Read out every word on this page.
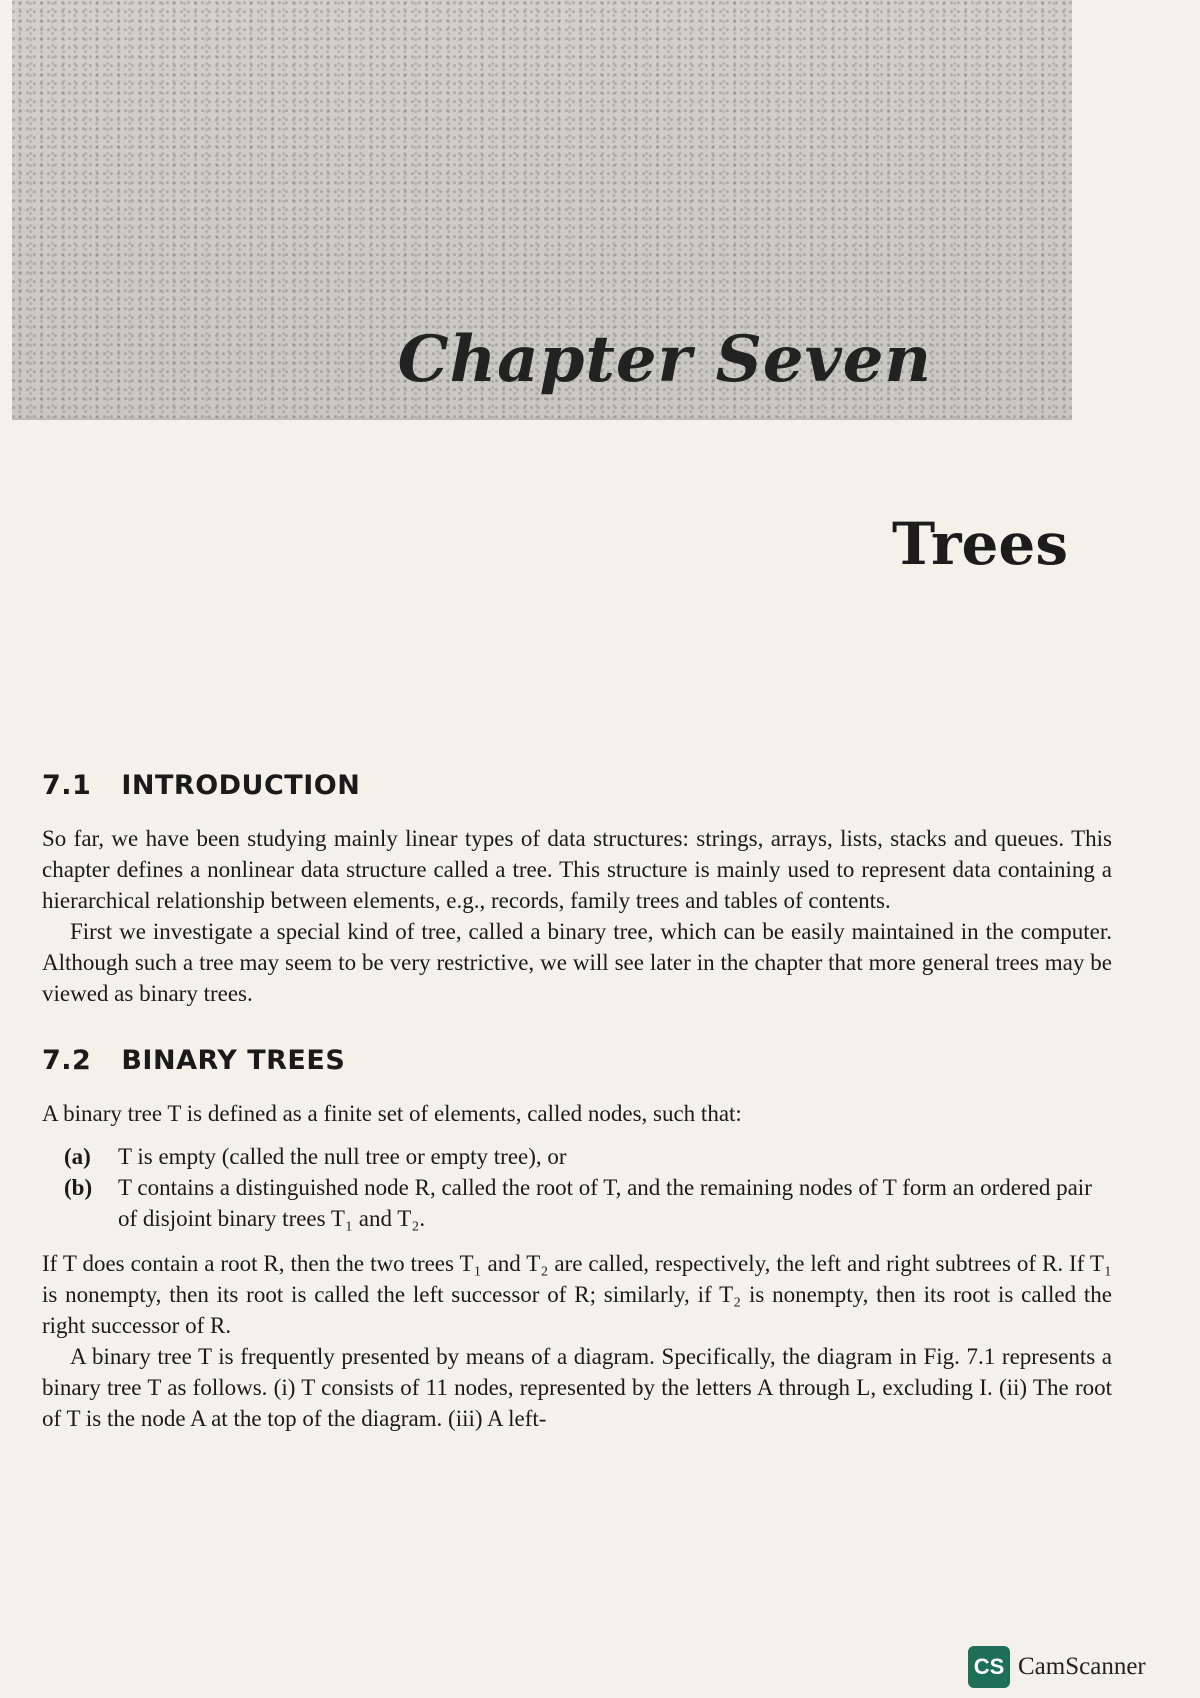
Chapter Seven
Trees
7.1 INTRODUCTION

So far, we have been studying mainly linear types of data structures: strings, arrays, lists, stacks and queues. This chapter defines a nonlinear data structure called a tree. This structure is mainly used to represent data containing a hierarchical relationship between elements, e.g., records, family trees and tables of contents.

First we investigate a special kind of tree, called a binary tree, which can be easily maintained in the computer. Although such a tree may seem to be very restrictive, we will see later in the chapter that more general trees may be viewed as binary trees.

7.2 BINARY TREES

A binary tree T is defined as a finite set of elements, called nodes, such that:

(a)	T is empty (called the null tree or empty tree), or
(b)	T contains a distinguished node R, called the root of T, and the remaining nodes of T form an ordered pair of disjoint binary trees T₁ and T₂.

If T does contain a root R, then the two trees T₁ and T₂ are called, respectively, the left and right subtrees of R. If T₁ is nonempty, then its root is called the left successor of R; similarly, if T₂ is nonempty, then its root is called the right successor of R.

A binary tree T is frequently presented by means of a diagram. Specifically, the diagram in Fig. 7.1 represents a binary tree T as follows. (i) T consists of 11 nodes, represented by the letters A through L, excluding I. (ii) The root of T is the node A at the top of the diagram. (iii) A left-

CS CamScanner
